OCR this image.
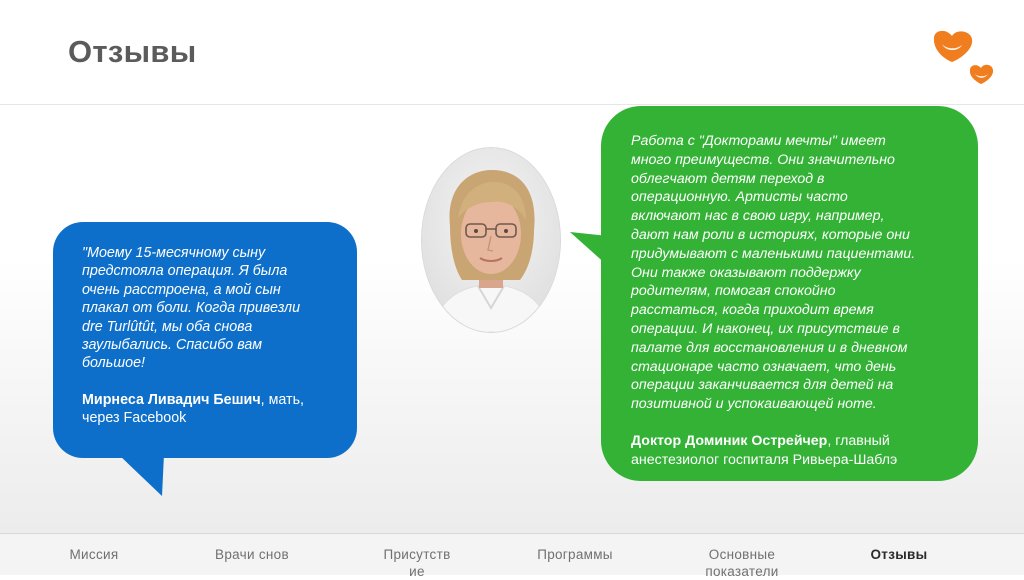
Отзывы
"Моему 15-месячному сыну
предстояла операция. Я была
очень расстроена, а мой сын
плакал от боли. Когда привезли
dre Turlûtût, мы оба снова
заулыбались. Спасибо вам
большое!
Мирнеса Ливадич Бешич, мать,
через Facebook
Работа с "Докторами мечты" имеет
много преимуществ. Они значительно
облегчают детям переход в
операционную. Артисты часто
включают нас в свою игру, например,
дают нам роли в историях, которые они
придумывают с маленькими пациентами.
Они также оказывают поддержку
родителям, помогая спокойно
расстаться, когда приходит время
операции. И наконец, их присутствие в
палате для восстановления и в дневном
стационаре часто означает, что день
операции заканчивается для детей на
позитивной и успокаивающей ноте.
Доктор Доминик Острейчер, главный
анестезиолог госпиталя Ривьера-Шаблэ
Миссия	Врачи снов	Присутств
ие
Программы	Основные
показатели
Отзывы
